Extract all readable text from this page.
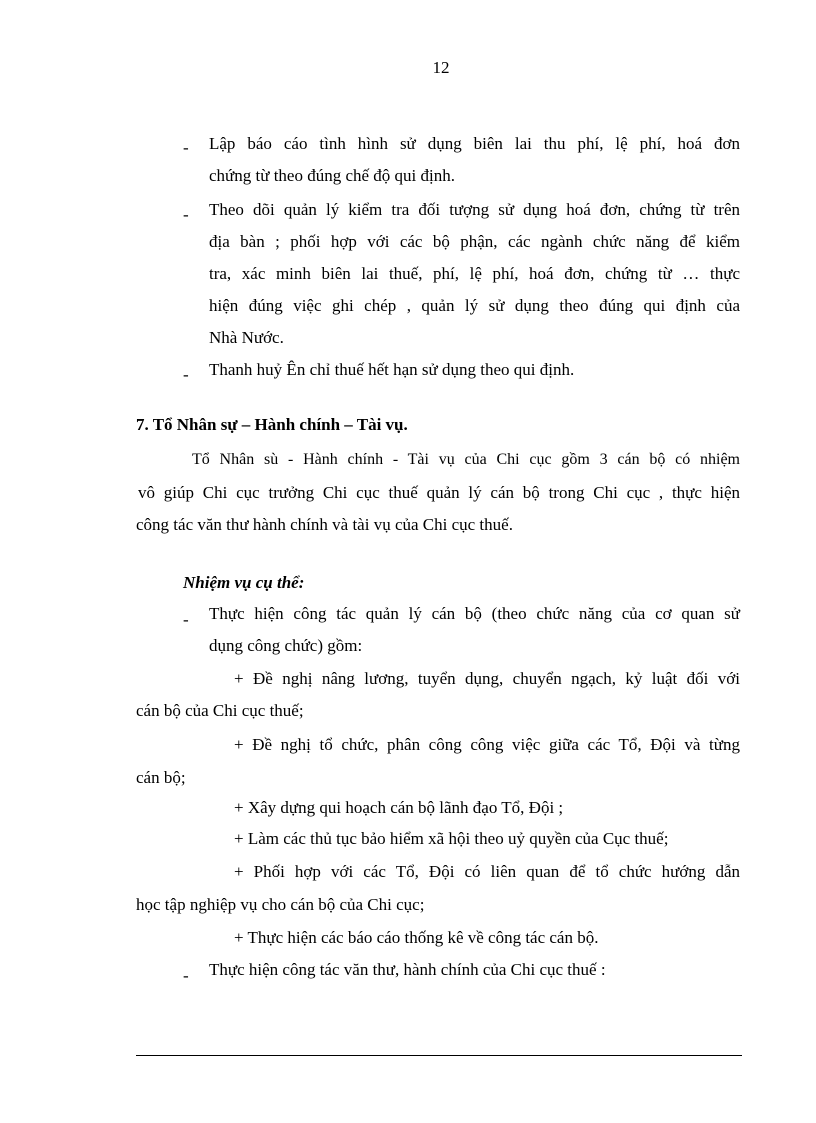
12
- Lập báo cáo tình hình sử dụng biên lai thu phí, lệ phí, hoá đơn
chứng từ theo đúng chế độ qui định.
- Theo dõi quản lý kiểm tra đối tượng sử dụng hoá đơn, chứng từ trên
địa bàn ; phối hợp với các bộ phận, các ngành chức năng để kiểm
tra, xác minh biên lai thuế, phí, lệ phí, hoá đơn, chứng từ … thực
hiện đúng việc ghi chép , quản lý sử dụng theo đúng qui định của
Nhà Nước.
- Thanh huỷ Ên chỉ thuế hết hạn sử dụng theo qui định.
7. Tổ Nhân sự – Hành chính – Tài vụ.
Tổ Nhân sù - Hành chính - Tài vụ của Chi cục gồm 3 cán bộ có nhiệm
vô giúp Chi cục trưởng Chi cục thuế quản lý cán bộ trong Chi cục , thực hiện
công tác văn thư hành chính và tài vụ của Chi cục thuế.
Nhiệm vụ cụ thể:
- Thực hiện công tác quản lý cán bộ (theo chức năng của cơ quan sử
dụng công chức) gồm:
+ Đề nghị nâng lương, tuyển dụng, chuyển ngạch, kỷ luật đối với
cán bộ của Chi cục thuế;
+ Đề nghị tổ chức, phân công công việc giữa các Tổ, Đội và từng
cán bộ;
+ Xây dựng qui hoạch cán bộ lãnh đạo Tổ, Đội ;
+ Làm các thủ tục bảo hiểm xã hội theo uỷ quyền của Cục thuế;
+ Phối hợp với các Tổ, Đội có liên quan để tổ chức hướng dẫn
học tập nghiệp vụ cho cán bộ của Chi cục;
+ Thực hiện các báo cáo thống kê về công tác cán bộ.
- Thực hiện công tác văn thư, hành chính của Chi cục thuế :
